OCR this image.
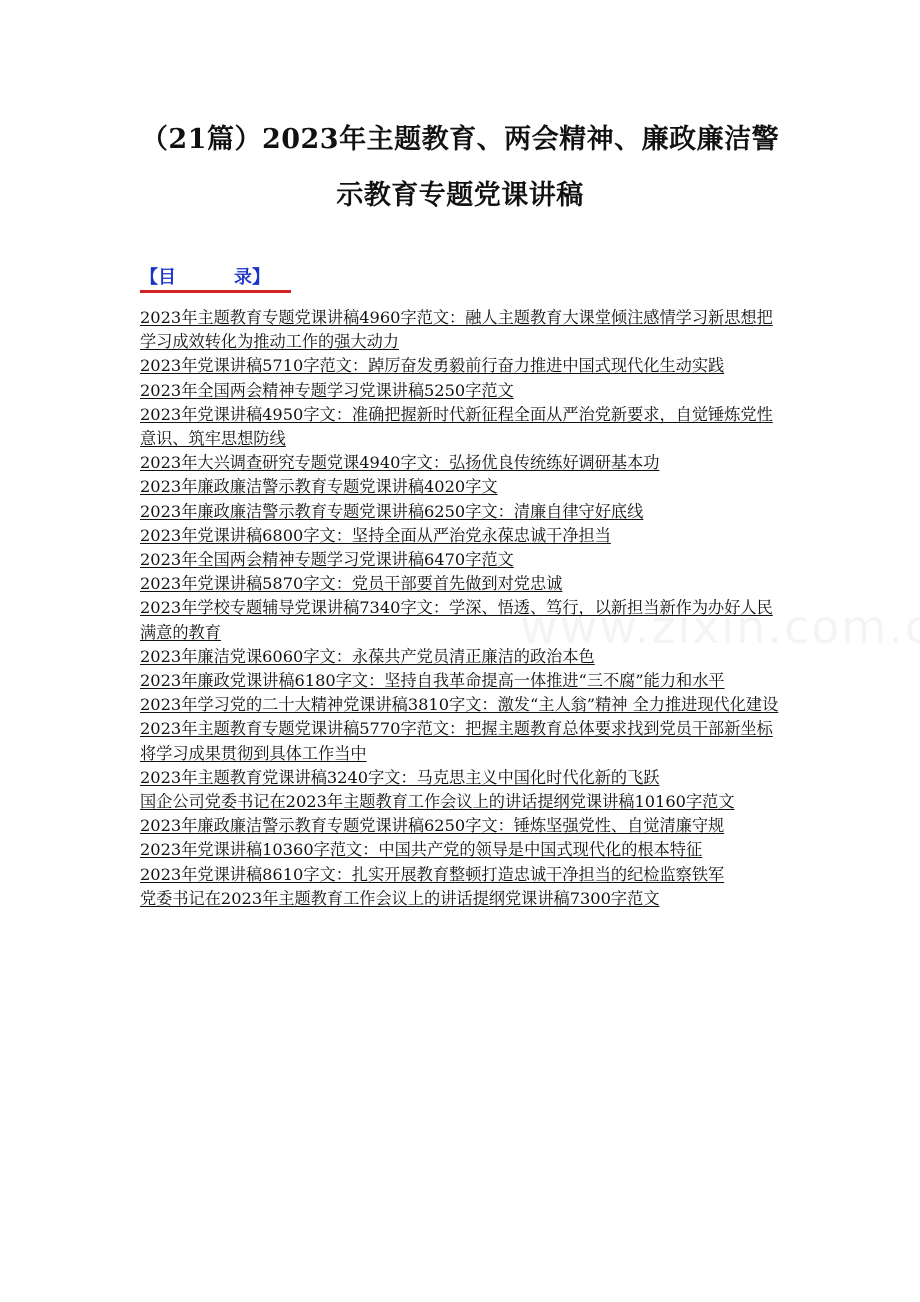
（21篇）2023年主题教育、两会精神、廉政廉洁警
示教育专题党课讲稿
【目	录】
2023年主题教育专题党课讲稿4960字范文：融人主题教育大课堂倾注感情学习新思想把学习成效转化为推动工作的强大动力
2023年党课讲稿5710字范文：踔厉奋发勇毅前行奋力推进中国式现代化生动实践
2023年全国两会精神专题学习党课讲稿5250字范文
2023年党课讲稿4950字文：准确把握新时代新征程全面从严治党新要求，自觉锤炼党性意识、筑牢思想防线
2023年大兴调查研究专题党课4940字文：弘扬优良传统练好调研基本功
2023年廉政廉洁警示教育专题党课讲稿4020字文
2023年廉政廉洁警示教育专题党课讲稿6250字文：清廉自律守好底线
2023年党课讲稿6800字文：坚持全面从严治党永葆忠诚干净担当
2023年全国两会精神专题学习党课讲稿6470字范文
2023年党课讲稿5870字文：党员干部要首先做到对党忠诚
2023年学校专题辅导党课讲稿7340字文：学深、悟透、笃行，以新担当新作为办好人民满意的教育
2023年廉洁党课6060字文：永葆共产党员清正廉洁的政治本色
2023年廉政党课讲稿6180字文：坚持自我革命提高一体推进“三不腐”能力和水平
2023年学习党的二十大精神党课讲稿3810字文：激发“主人翁”精神 全力推进现代化建设
2023年主题教育专题党课讲稿5770字范文：把握主题教育总体要求找到党员干部新坐标将学习成果贯彻到具体工作当中
2023年主题教育党课讲稿3240字文：马克思主义中国化时代化新的飞跃
国企公司党委书记在2023年主题教育工作会议上的讲话提纲党课讲稿10160字范文
2023年廉政廉洁警示教育专题党课讲稿6250字文：锤炼坚强党性、自觉清廉守规
2023年党课讲稿10360字范文：中国共产党的领导是中国式现代化的根本特征
2023年党课讲稿8610字文：扎实开展教育整顿打造忠诚干净担当的纪检监察铁军
党委书记在2023年主题教育工作会议上的讲话提纲党课讲稿7300字范文
